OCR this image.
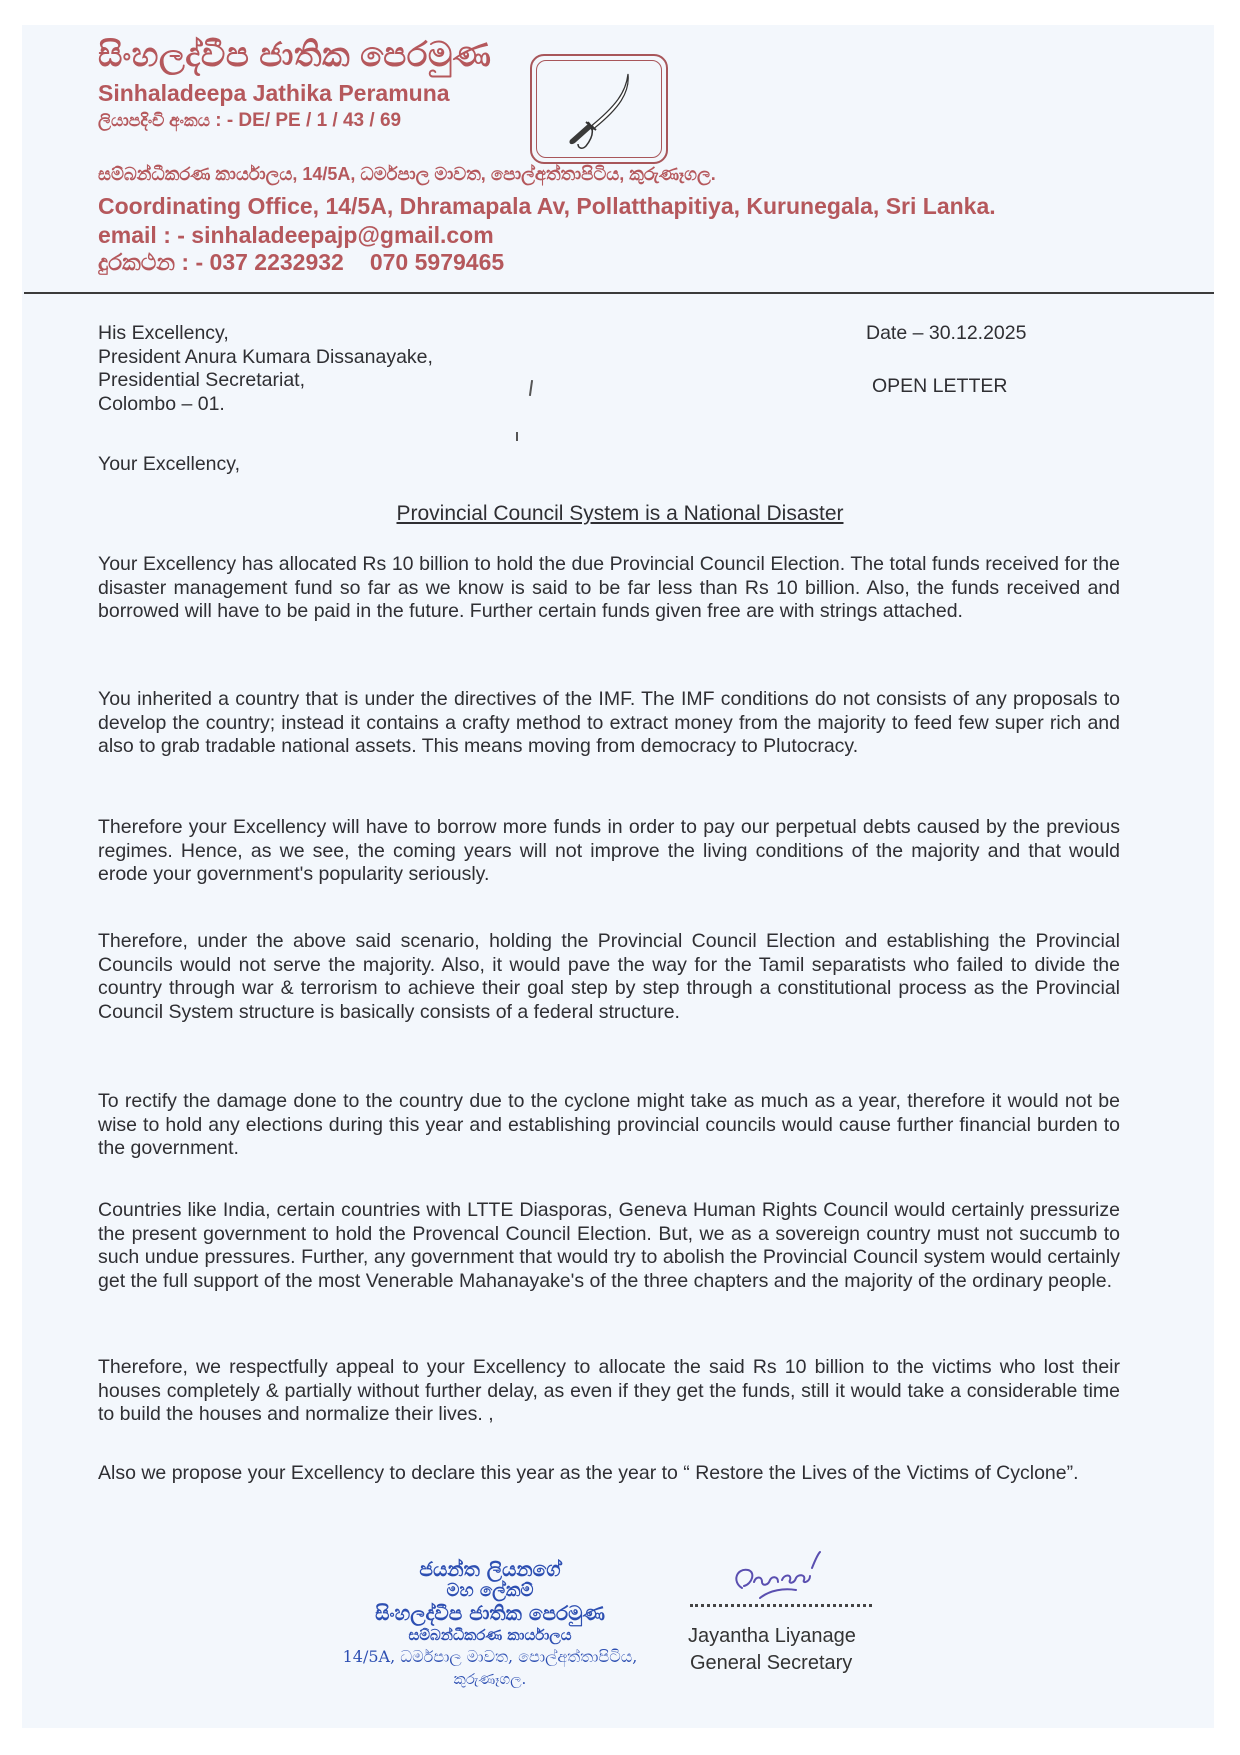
සිංහලද්වීප ජාතික පෙරමුණ
Sinhaladeepa Jathika Peramuna
ලියාපදිංචි අංකය : - DE/ PE / 1 / 43 / 69
සම්බන්ධීකරණ කාර්යාලය, 14/5A, ධර්මපාල මාවත, පොල්අත්තාපිටිය, කුරුණෑගල.
Coordinating Office, 14/5A, Dhramapala Av, Pollatthapitiya, Kurunegala, Sri Lanka.
email : - sinhaladeepajp@gmail.com
දුරකථන : - 037 2232932 070 5979465
His Excellency,
President Anura Kumara Dissanayake,
Presidential Secretariat,
Colombo – 01.
Date – 30.12.2025
OPEN LETTER
Your Excellency,
Provincial Council System is a National Disaster
Your Excellency has allocated Rs 10 billion to hold the due Provincial Council Election. The total funds received for the disaster management fund so far as we know is said to be far less than Rs 10 billion. Also, the funds received and borrowed will have to be paid in the future. Further certain funds given free are with strings attached.
You inherited a country that is under the directives of the IMF. The IMF conditions do not consists of any proposals to develop the country; instead it contains a crafty method to extract money from the majority to feed few super rich and also to grab tradable national assets. This means moving from democracy to Plutocracy.
Therefore your Excellency will have to borrow more funds in order to pay our perpetual debts caused by the previous regimes. Hence, as we see, the coming years will not improve the living conditions of the majority and that would erode your government's popularity seriously.
Therefore, under the above said scenario, holding the Provincial Council Election and establishing the Provincial Councils would not serve the majority. Also, it would pave the way for the Tamil separatists who failed to divide the country through war & terrorism to achieve their goal step by step through a constitutional process as the Provincial Council System structure is basically consists of a federal structure.
To rectify the damage done to the country due to the cyclone might take as much as a year, therefore it would not be wise to hold any elections during this year and establishing provincial councils would cause further financial burden to the government.
Countries like India, certain countries with LTTE Diasporas, Geneva Human Rights Council would certainly pressurize the present government to hold the Provencal Council Election. But, we as a sovereign country must not succumb to such undue pressures. Further, any government that would try to abolish the Provincial Council system would certainly get the full support of the most Venerable Mahanayake's of the three chapters and the majority of the ordinary people.
Therefore, we respectfully appeal to your Excellency to allocate the said Rs 10 billion to the victims who lost their houses completely & partially without further delay, as even if they get the funds, still it would take a considerable time to build the houses and normalize their lives. ,
Also we propose your Excellency to declare this year as the year to “ Restore the Lives of the Victims of Cyclone”.
ජයන්ත ලියනගේ
මහ ලේකම්
සිංහලද්වීප ජාතික පෙරමුණ
සම්බන්ධීකරණ කාර්යාලය
14/5A, ධර්මපාල මාවත, පොල්අත්තාපිටිය,
කුරුණෑගල.
Jayantha Liyanage
General Secretary
